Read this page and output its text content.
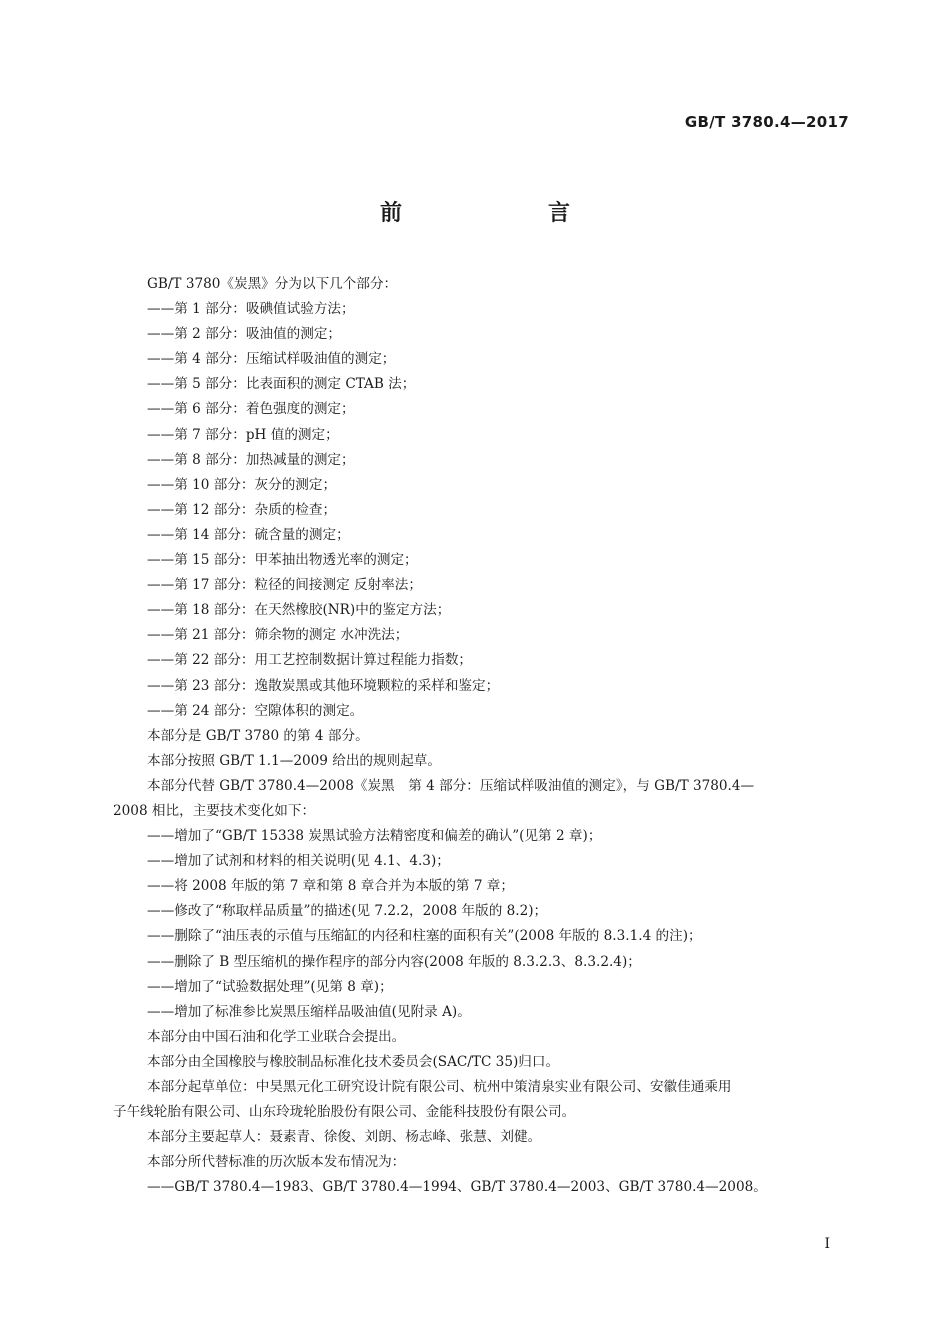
GB/T 3780.4—2017
前　言
GB/T 3780《炭黑》分为以下几个部分：
——第 1 部分：吸碘值试验方法；
——第 2 部分：吸油值的测定；
——第 4 部分：压缩试样吸油值的测定；
——第 5 部分：比表面积的测定 CTAB 法；
——第 6 部分：着色强度的测定；
——第 7 部分：pH 值的测定；
——第 8 部分：加热减量的测定；
——第 10 部分：灰分的测定；
——第 12 部分：杂质的检查；
——第 14 部分：硫含量的测定；
——第 15 部分：甲苯抽出物透光率的测定；
——第 17 部分：粒径的间接测定 反射率法；
——第 18 部分：在天然橡胶(NR)中的鉴定方法；
——第 21 部分：筛余物的测定 水冲洗法；
——第 22 部分：用工艺控制数据计算过程能力指数；
——第 23 部分：逸散炭黑或其他环境颗粒的采样和鉴定；
——第 24 部分：空隙体积的测定。
本部分是 GB/T 3780 的第 4 部分。
本部分按照 GB/T 1.1—2009 给出的规则起草。
本部分代替 GB/T 3780.4—2008《炭黑　第 4 部分：压缩试样吸油值的测定》，与 GB/T 3780.4—
2008 相比，主要技术变化如下：
——增加了“GB/T 15338 炭黑试验方法精密度和偏差的确认”(见第 2 章)；
——增加了试剂和材料的相关说明(见 4.1、4.3)；
——将 2008 年版的第 7 章和第 8 章合并为本版的第 7 章；
——修改了“称取样品质量”的描述(见 7.2.2，2008 年版的 8.2)；
——删除了“油压表的示值与压缩缸的内径和柱塞的面积有关”(2008 年版的 8.3.1.4 的注)；
——删除了 B 型压缩机的操作程序的部分内容(2008 年版的 8.3.2.3、8.3.2.4)；
——增加了“试验数据处理”(见第 8 章)；
——增加了标准参比炭黑压缩样品吸油值(见附录 A)。
本部分由中国石油和化学工业联合会提出。
本部分由全国橡胶与橡胶制品标准化技术委员会(SAC/TC 35)归口。
本部分起草单位：中昊黑元化工研究设计院有限公司、杭州中策清泉实业有限公司、安徽佳通乘用
子午线轮胎有限公司、山东玲珑轮胎股份有限公司、金能科技股份有限公司。
本部分主要起草人：聂素青、徐俊、刘朗、杨志峰、张慧、刘健。
本部分所代替标准的历次版本发布情况为：
——GB/T 3780.4—1983、GB/T 3780.4—1994、GB/T 3780.4—2003、GB/T 3780.4—2008。
I
